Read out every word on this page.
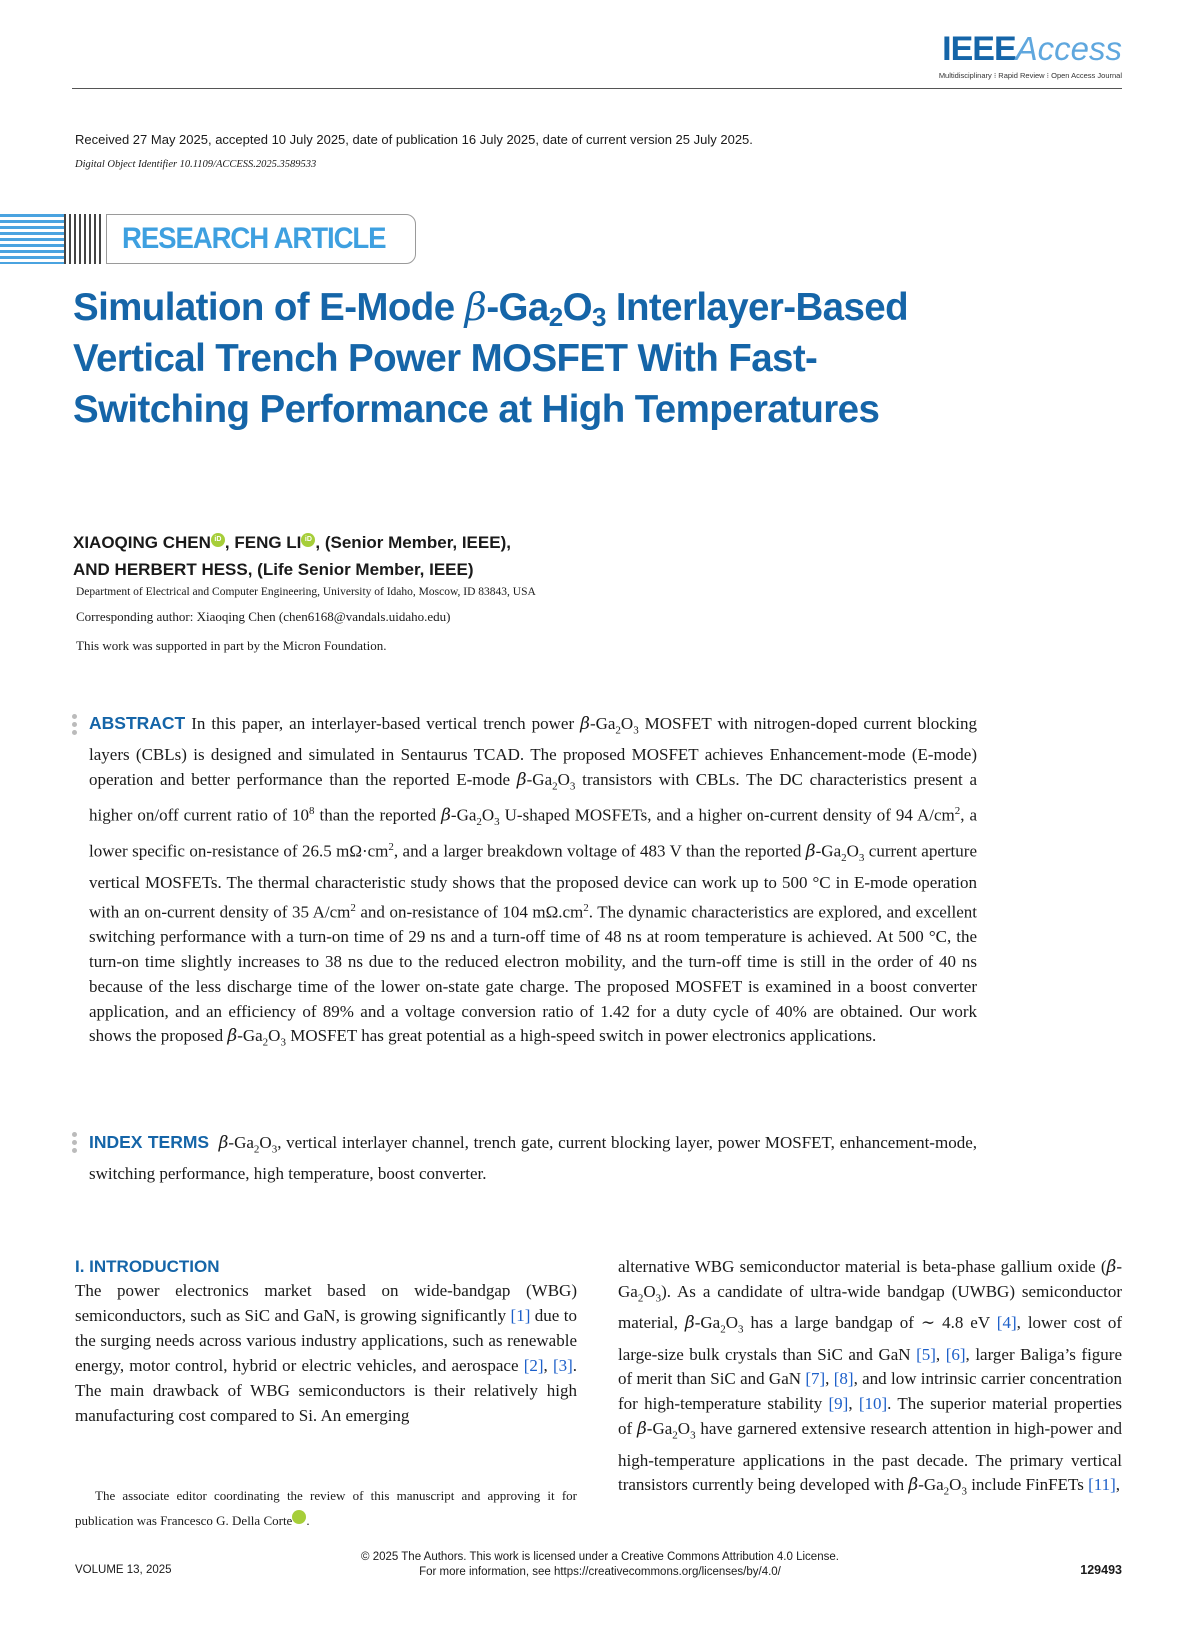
IEEEAccess
Multidisciplinary ⁝ Rapid Review ⁝ Open Access Journal
Received 27 May 2025, accepted 10 July 2025, date of publication 16 July 2025, date of current version 25 July 2025.
Digital Object Identifier 10.1109/ACCESS.2025.3589533
RESEARCH ARTICLE
Simulation of E-Mode $\beta-Ga_2O_3$ Interlayer-Based Vertical Trench Power MOSFET With Fast-Switching Performance at High Temperatures
XIAOQING CHEN iD , FENG LI iD , (Senior Member, IEEE),
AND HERBERT HESS, (Life Senior Member, IEEE)
Department of Electrical and Computer Engineering, University of Idaho, Moscow, ID 83843, USA
Corresponding author: Xiaoqing Chen (chen6168@vandals.uidaho.edu)
This work was supported in part by the Micron Foundation.
ABSTRACT In this paper, an interlayer-based vertical trench power $\beta-Ga_2O_3$ MOSFET with nitrogen-doped current blocking layers (CBLs) is designed and simulated in Sentaurus TCAD. The proposed MOSFET achieves Enhancement-mode (E-mode) operation and better performance than the reported E-mode $\beta-Ga_2O_3$ transistors with CBLs. The DC characteristics present a higher on/off current ratio of $10^8$ than the reported $\beta-Ga_2O_3$ U-shaped MOSFETs, and a higher on-current density of 94 $A/cm^2$, a lower specific on-resistance of 26.5 $m\Omega\cdot cm^2$, and a larger breakdown voltage of 483 V than the reported $\beta-Ga_2O_3$ current aperture vertical MOSFETs. The thermal characteristic study shows that the proposed device can work up to 500 °C in E-mode operation with an on-current density of 35 $A/cm^2$ and on-resistance of 104 $m\Omega.cm^2$. The dynamic characteristics are explored, and excellent switching performance with a turn-on time of 29 ns and a turn-off time of 48 ns at room temperature is achieved. At 500 °C, the turn-on time slightly increases to 38 ns due to the reduced electron mobility, and the turn-off time is still in the order of 40 ns because of the less discharge time of the lower on-state gate charge. The proposed MOSFET is examined in a boost converter application, and an efficiency of 89% and a voltage conversion ratio of 1.42 for a duty cycle of 40% are obtained. Our work shows the proposed $\beta-Ga_2O_3$ MOSFET has great potential as a high-speed switch in power electronics applications.
INDEX TERMS $\beta-Ga_2O_3$, vertical interlayer channel, trench gate, current blocking layer, power MOSFET, enhancement-mode, switching performance, high temperature, boost converter.
I. INTRODUCTION
The power electronics market based on wide-bandgap (WBG) semiconductors, such as SiC and GaN, is growing significantly [1] due to the surging needs across various industry applications, such as renewable energy, motor control, hybrid or electric vehicles, and aerospace [2], [3]. The main drawback of WBG semiconductors is their relatively high manufacturing cost compared to Si. An emerging
alternative WBG semiconductor material is beta-phase gallium oxide $(\beta-Ga_2O_3)$. As a candidate of ultra-wide bandgap (UWBG) semiconductor material, $\beta-Ga_2O_3$ has a large bandgap of ∼ 4.8 eV [4], lower cost of large-size bulk crystals than SiC and GaN [5], [6], larger Baliga’s figure of merit than SiC and GaN [7], [8], and low intrinsic carrier concentration for high-temperature stability [9], [10]. The superior material properties of $\beta-Ga_2O_3$ have garnered extensive research attention in high-power and high-temperature applications in the past decade. The primary vertical transistors currently being developed with $\beta-Ga_2O_3$ include FinFETs [11],
The associate editor coordinating the review of this manuscript and approving it for publication was Francesco G. Della Corte	iD.
VOLUME 13, 2025
© 2025 The Authors. This work is licensed under a Creative Commons Attribution 4.0 License.
For more information, see https://creativecommons.org/licenses/by/4.0/	129493
